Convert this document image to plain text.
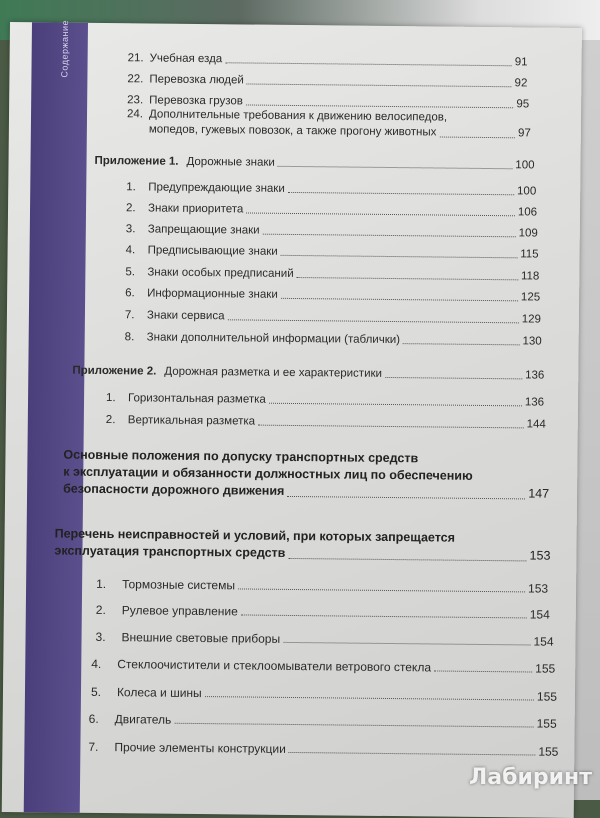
Содержание	21. Учебная езда	91
22. Перевозка людей	92
23. Перевозка грузов	95
24. Дополнительные требования к движению велосипедов,
мопедов, гужевых повозок, а также прогону животных	97
Приложение 1. Дорожные знаки	100
1.	Предупреждающие знаки	100
2.	Знаки приоритета	106
3.	Запрещающие знаки	109
4.	Предписывающие знаки	115
5.	Знаки особых предписаний	118
6.	Информационные знаки	125
7.	Знаки сервиса	129
8.	Знаки дополнительной информации (таблички)	130
Приложение 2. Дорожная разметка и ее характеристики	136
1.	Горизонтальная разметка	136
2.	Вертикальная разметка	144
Основные положения по допуску транспортных средств
к эксплуатации и обязанности должностных лиц по обеспечению
безопасности дорожного движения	147
Перечень неисправностей и условий, при которых запрещается
эксплуатация транспортных средств	153
1.	Тормозные системы	153
2.	Рулевое управление	154
3.	Внешние световые приборы	154
4.	Стеклоочистители и стеклоомыватели ветрового стекла	155
5.	Колеса и шины	155
6.	Двигатель	155
7.	Прочие элементы конструкции	155
Лабиринт
